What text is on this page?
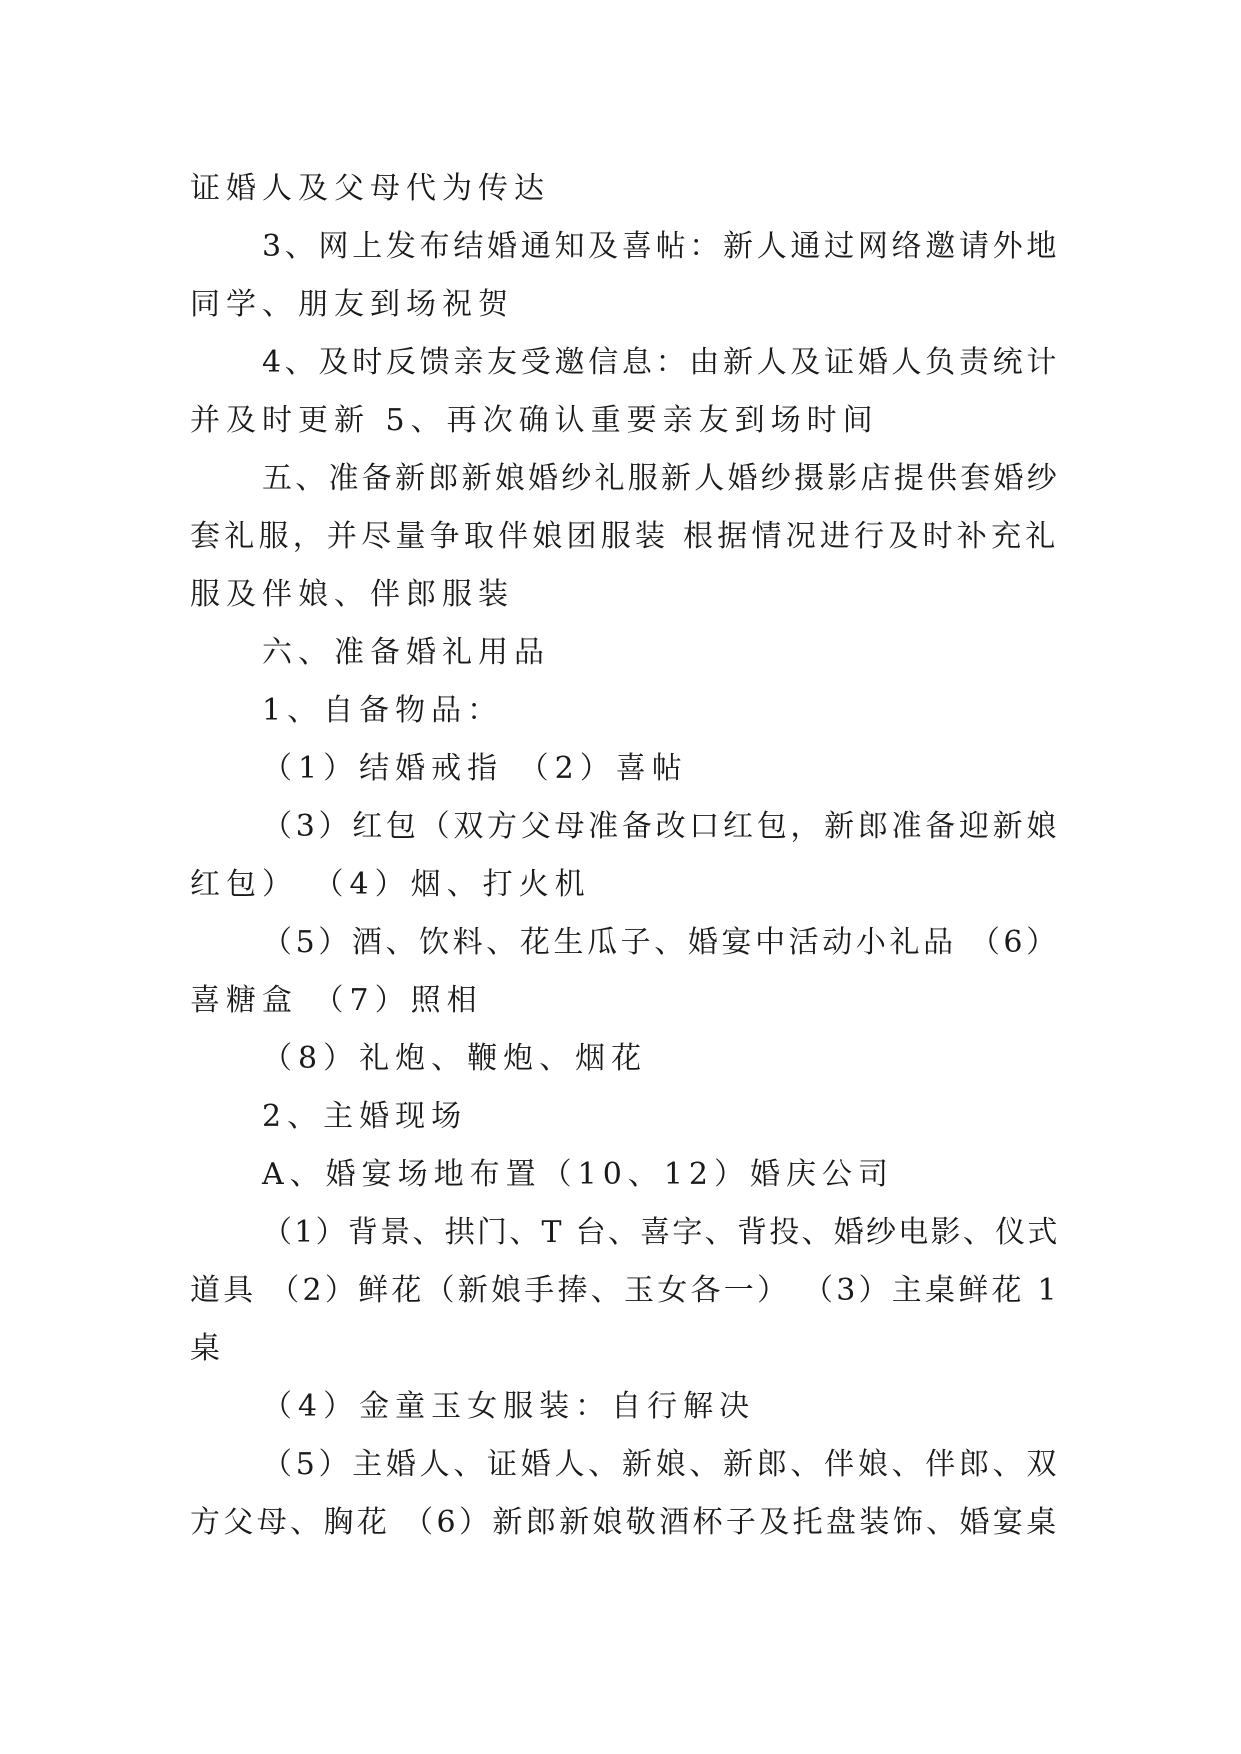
证婚人及父母代为传达
3、网上发布结婚通知及喜帖：新人通过网络邀请外地
同学、朋友到场祝贺
4、及时反馈亲友受邀信息：由新人及证婚人负责统计
并及时更新 5、再次确认重要亲友到场时间
五、准备新郎新娘婚纱礼服新人婚纱摄影店提供套婚纱
套礼服，并尽量争取伴娘团服装 根据情况进行及时补充礼
服及伴娘、伴郎服装
六、准备婚礼用品
1、自备物品：
（1）结婚戒指 （2）喜帖
（3）红包（双方父母准备改口红包，新郎准备迎新娘
红包） （4）烟、打火机
（5）酒、饮料、花生瓜子、婚宴中活动小礼品 （6）
喜糖盒 （7）照相
（8）礼炮、鞭炮、烟花
2、主婚现场
A、婚宴场地布置（10、12）婚庆公司
（1）背景、拱门、T 台、喜字、背投、婚纱电影、仪式
道具 （2）鲜花（新娘手捧、玉女各一） （3）主桌鲜花 1
桌
（4）金童玉女服装：自行解决
（5）主婚人、证婚人、新娘、新郎、伴娘、伴郎、双
方父母、胸花 （6）新郎新娘敬酒杯子及托盘装饰、婚宴桌
